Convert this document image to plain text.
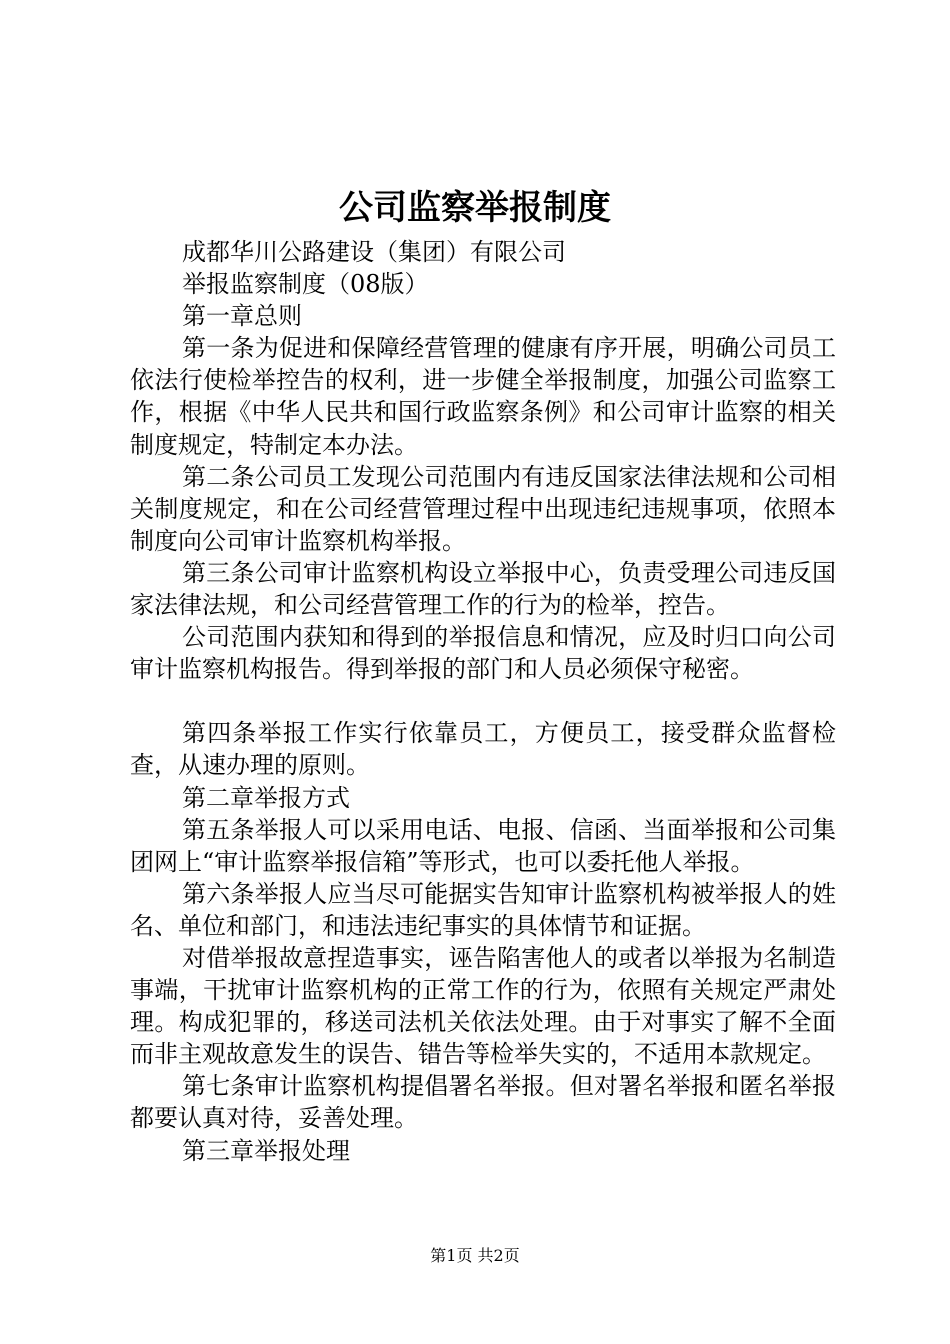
公司监察举报制度

成都华川公路建设（集团）有限公司

举报监察制度（08版）

第一章总则

第一条为促进和保障经营管理的健康有序开展，明确公司员工依法行使检举控告的权利，进一步健全举报制度，加强公司监察工作，根据《中华人民共和国行政监察条例》和公司审计监察的相关制度规定，特制定本办法。

第二条公司员工发现公司范围内有违反国家法律法规和公司相关制度规定，和在公司经营管理过程中出现违纪违规事项，依照本制度向公司审计监察机构举报。

第三条公司审计监察机构设立举报中心，负责受理公司违反国家法律法规，和公司经营管理工作的行为的检举，控告。

公司范围内获知和得到的举报信息和情况，应及时归口向公司审计监察机构报告。得到举报的部门和人员必须保守秘密。

第四条举报工作实行依靠员工，方便员工，接受群众监督检查，从速办理的原则。

第二章举报方式

第五条举报人可以采用电话、电报、信函、当面举报和公司集团网上“审计监察举报信箱”等形式，也可以委托他人举报。

第六条举报人应当尽可能据实告知审计监察机构被举报人的姓名、单位和部门，和违法违纪事实的具体情节和证据。

对借举报故意捏造事实，诬告陷害他人的或者以举报为名制造事端，干扰审计监察机构的正常工作的行为，依照有关规定严肃处理。构成犯罪的，移送司法机关依法处理。由于对事实了解不全面而非主观故意发生的误告、错告等检举失实的，不适用本款规定。

第七条审计监察机构提倡署名举报。但对署名举报和匿名举报都要认真对待，妥善处理。

第三章举报处理

第1页 共2页
